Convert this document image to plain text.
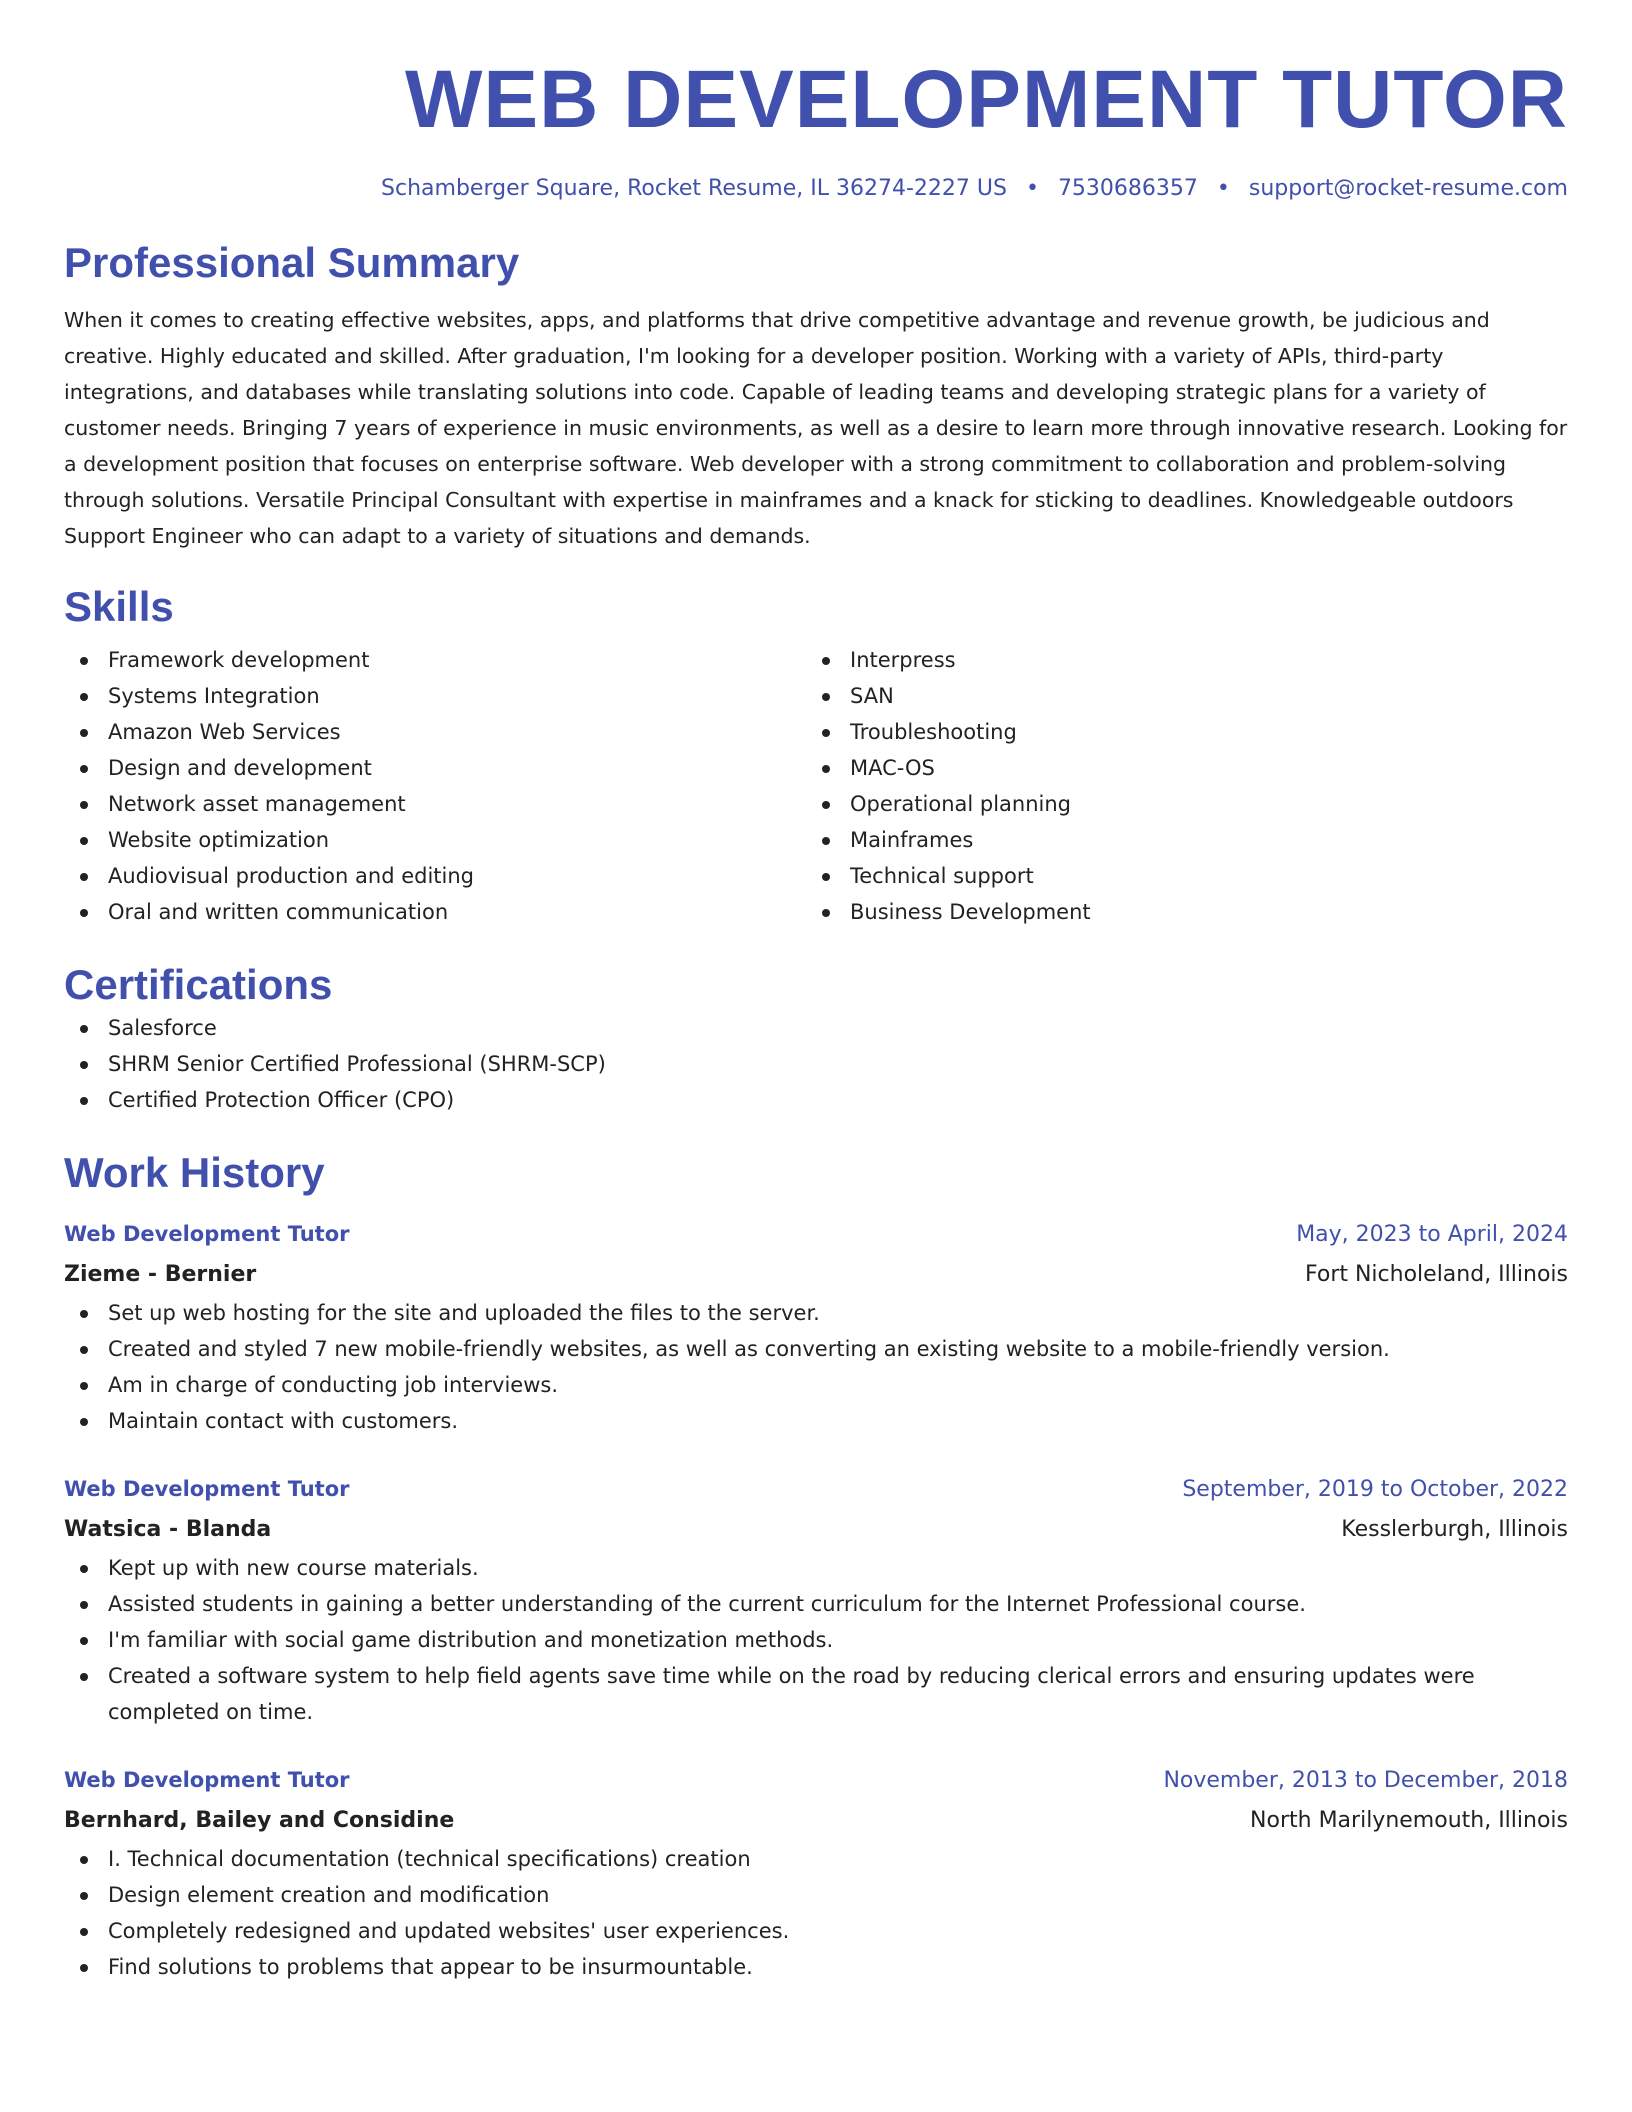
WEB DEVELOPMENT TUTOR
Schamberger Square, Rocket Resume, IL 36274-2227 US • 7530686357 • support@rocket-resume.com
Professional Summary

When it comes to creating effective websites, apps, and platforms that drive competitive advantage and revenue growth, be judicious and creative. Highly educated and skilled. After graduation, I'm looking for a developer position. Working with a variety of APIs, third-party integrations, and databases while translating solutions into code. Capable of leading teams and developing strategic plans for a variety of customer needs. Bringing 7 years of experience in music environments, as well as a desire to learn more through innovative research. Looking for a development position that focuses on enterprise software. Web developer with a strong commitment to collaboration and problem-solving through solutions. Versatile Principal Consultant with expertise in mainframes and a knack for sticking to deadlines. Knowledgeable outdoors Support Engineer who can adapt to a variety of situations and demands.

Skills
Framework development
Systems Integration
Amazon Web Services
Design and development
Network asset management
Website optimization
Audiovisual production and editing
Oral and written communication
Interpress
SAN
Troubleshooting
MAC-OS
Operational planning
Mainframes
Technical support
Business Development
Certifications
Salesforce
SHRM Senior Certified Professional (SHRM-SCP)
Certified Protection Officer (CPO)
Work History
Web Development Tutor	May, 2023 to April, 2024
Zieme - Bernier	Fort Nicholeland, Illinois
Set up web hosting for the site and uploaded the files to the server.
Created and styled 7 new mobile-friendly websites, as well as converting an existing website to a mobile-friendly version.
Am in charge of conducting job interviews.
Maintain contact with customers.
Web Development Tutor	September, 2019 to October, 2022
Watsica - Blanda	Kesslerburgh, Illinois
Kept up with new course materials.
Assisted students in gaining a better understanding of the current curriculum for the Internet Professional course.
I'm familiar with social game distribution and monetization methods.
Created a software system to help field agents save time while on the road by reducing clerical errors and ensuring updates were completed on time.
Web Development Tutor	November, 2013 to December, 2018
Bernhard, Bailey and Considine	North Marilynemouth, Illinois
I. Technical documentation (technical specifications) creation
Design element creation and modification
Completely redesigned and updated websites' user experiences.
Find solutions to problems that appear to be insurmountable.
